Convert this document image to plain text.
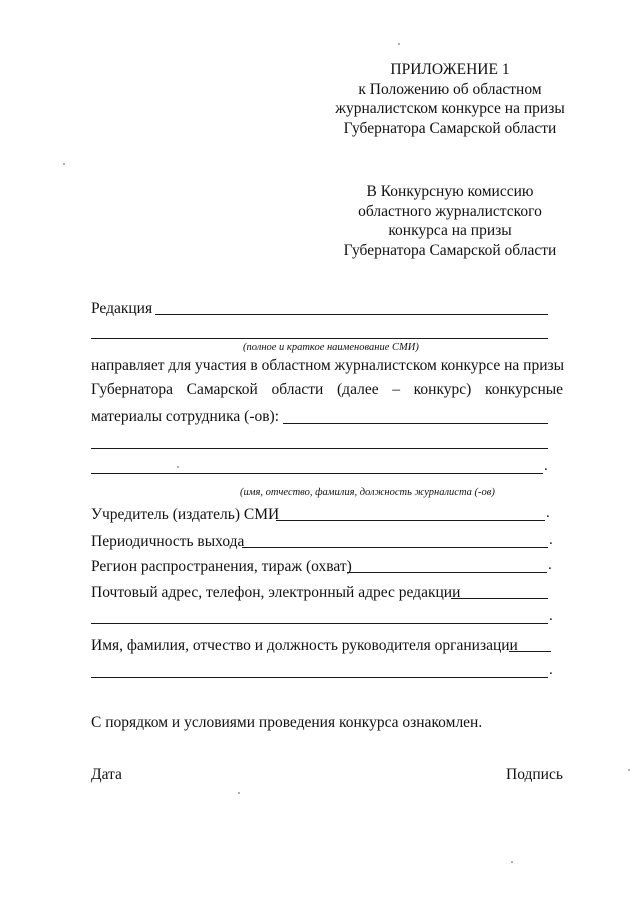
ПРИЛОЖЕНИЕ 1
к Положению об областном
журналистском конкурсе на призы
Губернатора Самарской области
В Конкурсную комиссию
областного журналистского
конкурса на призы
Губернатора Самарской области
Редакция
(полное и краткое наименование СМИ)
направляет для участия в областном журналистском конкурсе на призы
Губернатора Самарской области (далее – конкурс) конкурсные
материалы сотрудника (-ов):
.
(имя, отчество, фамилия, должность журналиста (-ов)
Учредитель (издатель) СМИ	.
Периодичность выхода	.
Регион распространения, тираж (охват)	.
Почтовый адрес, телефон, электронный адрес редакции
.
Имя, фамилия, отчество и должность руководителя организации
.
С порядком и условиями проведения конкурса ознакомлен.
Дата	Подпись
